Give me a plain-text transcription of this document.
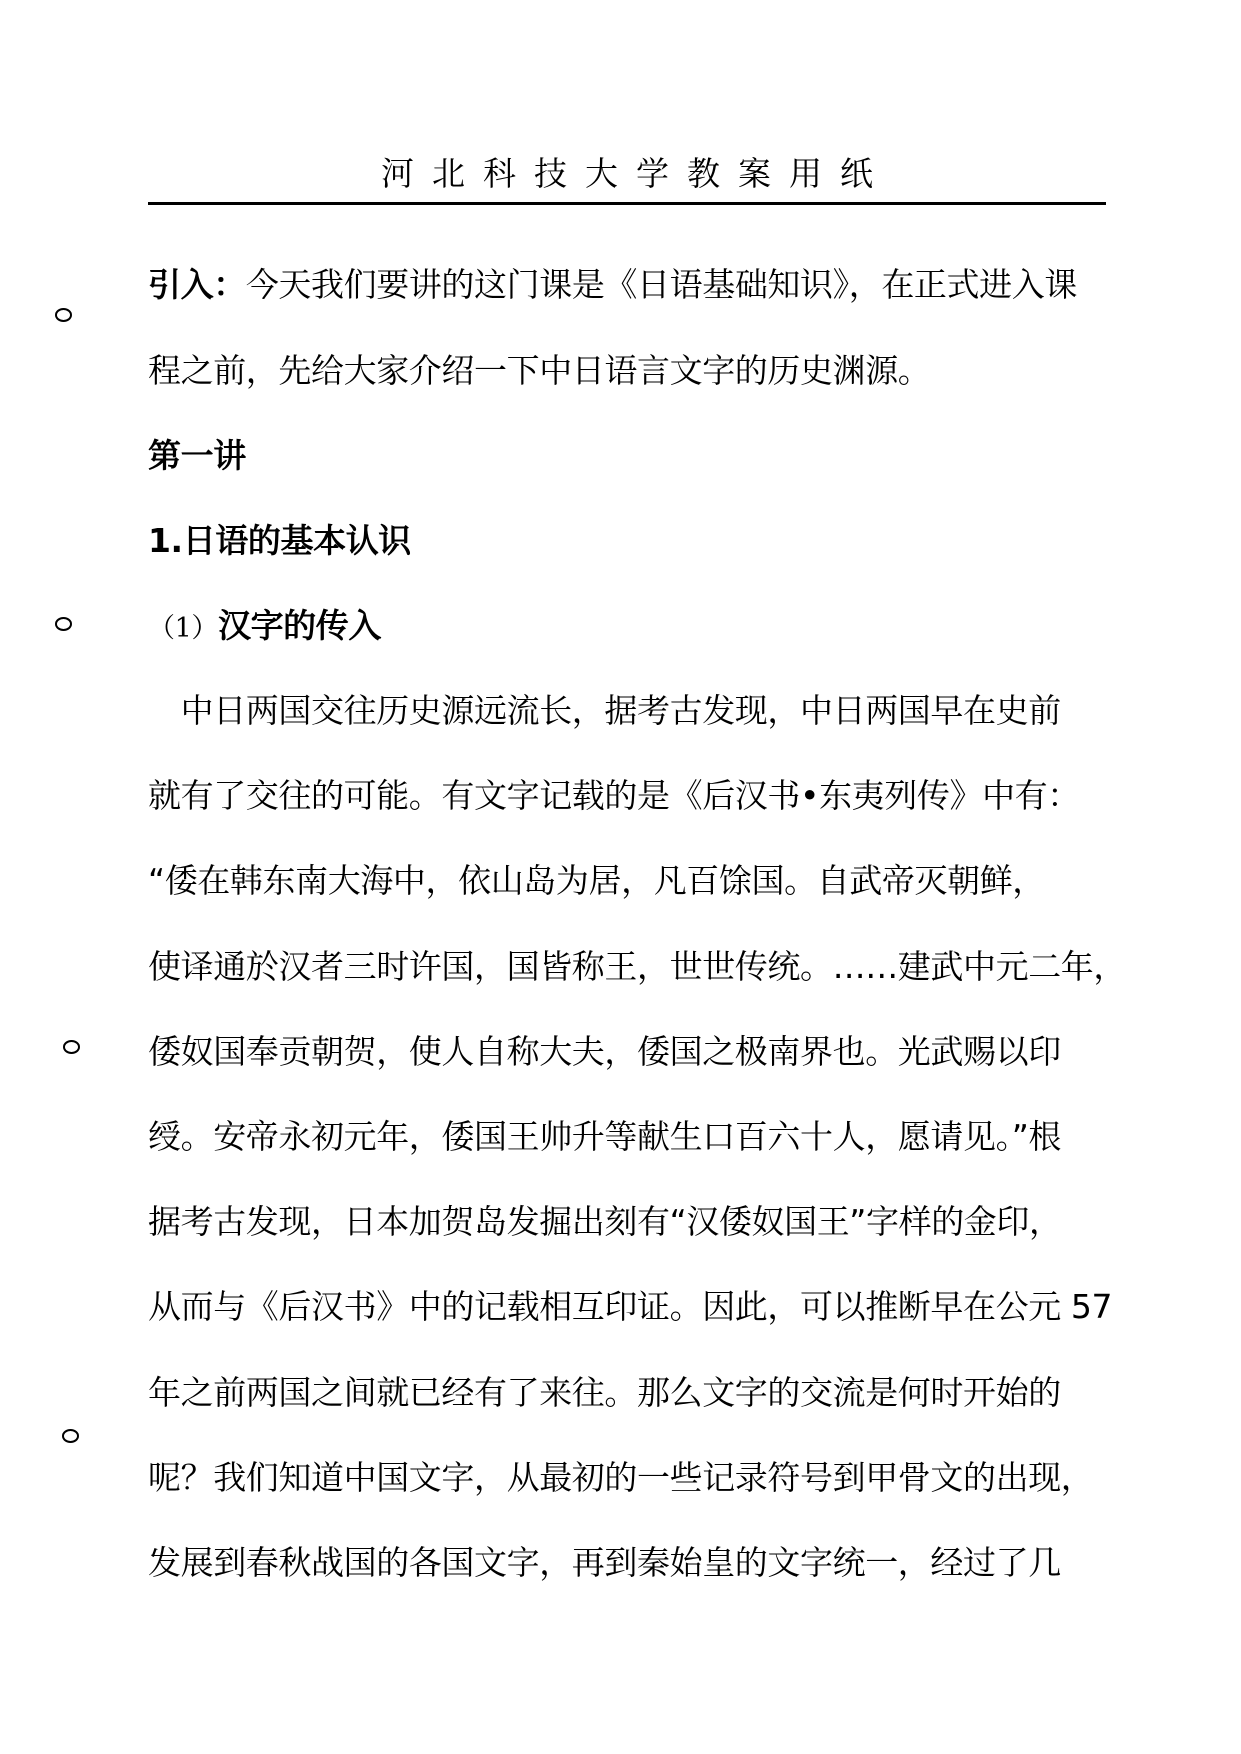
河北科技大学教案用纸
引入：今天我们要讲的这门课是《日语基础知识》，在正式进入课
程之前，先给大家介绍一下中日语言文字的历史渊源。
第一讲
1.日语的基本认识
（1）汉字的传入
　中日两国交往历史源远流长，据考古发现，中日两国早在史前
就有了交往的可能。有文字记载的是《后汉书•东夷列传》中有：
“倭在韩东南大海中，依山岛为居，凡百馀国。自武帝灭朝鲜，
使译通於汉者三时许国，国皆称王，世世传统。……建武中元二年，
倭奴国奉贡朝贺，使人自称大夫，倭国之极南界也。光武赐以印
绶。安帝永初元年，倭国王帅升等献生口百六十人，愿请见。”根
据考古发现，日本加贺岛发掘出刻有“汉倭奴国王”字样的金印，
从而与《后汉书》中的记载相互印证。因此，可以推断早在公元 57
年之前两国之间就已经有了来往。那么文字的交流是何时开始的
呢？我们知道中国文字，从最初的一些记录符号到甲骨文的出现，
发展到春秋战国的各国文字，再到秦始皇的文字统一，经过了几
